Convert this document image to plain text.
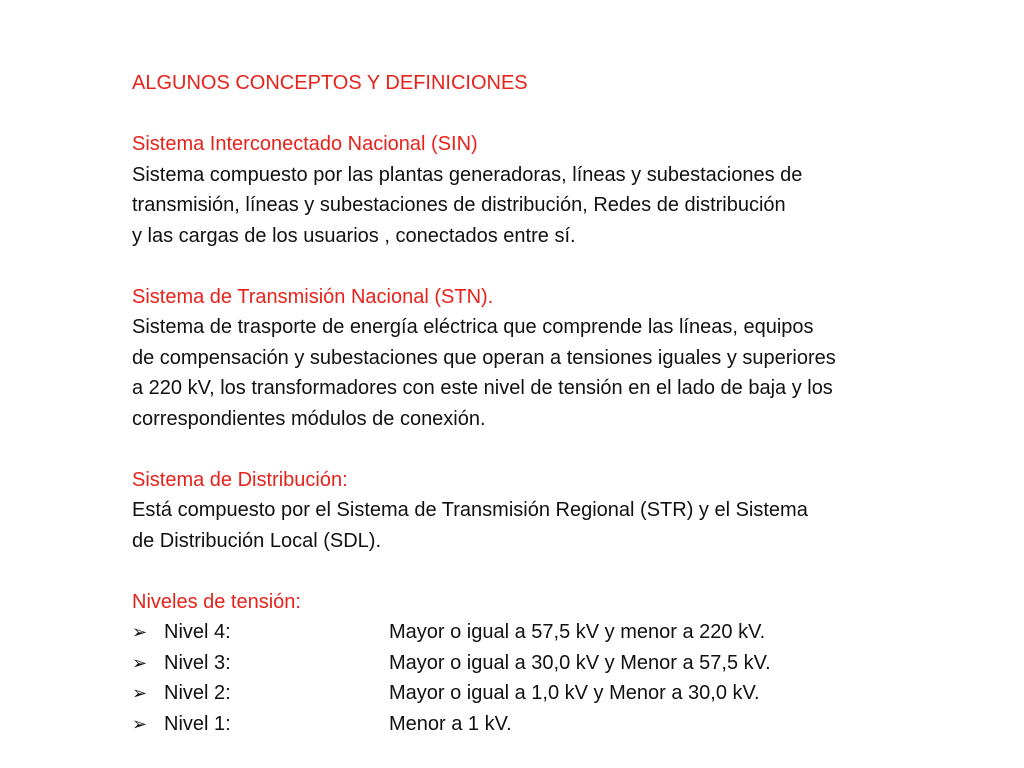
ALGUNOS CONCEPTOS Y DEFINICIONES
Sistema Interconectado Nacional (SIN)
Sistema compuesto por las plantas generadoras, líneas y subestaciones de
transmisión, líneas y subestaciones de distribución, Redes de distribución
y las cargas de los usuarios , conectados entre sí.
Sistema de Transmisión Nacional (STN).
Sistema de trasporte de energía eléctrica que comprende las líneas, equipos
de compensación y subestaciones que operan a tensiones iguales y superiores
a 220 kV, los transformadores con este nivel de tensión en el lado de baja y los
correspondientes módulos de conexión.
Sistema de Distribución:
Está compuesto por el Sistema de Transmisión Regional (STR) y el Sistema
de Distribución Local (SDL).
Niveles de tensión:
➢ Nivel 4:	Mayor o igual a 57,5 kV y menor a 220 kV.
➢ Nivel 3:	Mayor o igual a 30,0 kV y Menor a 57,5 kV.
➢ Nivel 2:	Mayor o igual a 1,0 kV y Menor a 30,0 kV.
➢ Nivel 1:	Menor a 1 kV.
